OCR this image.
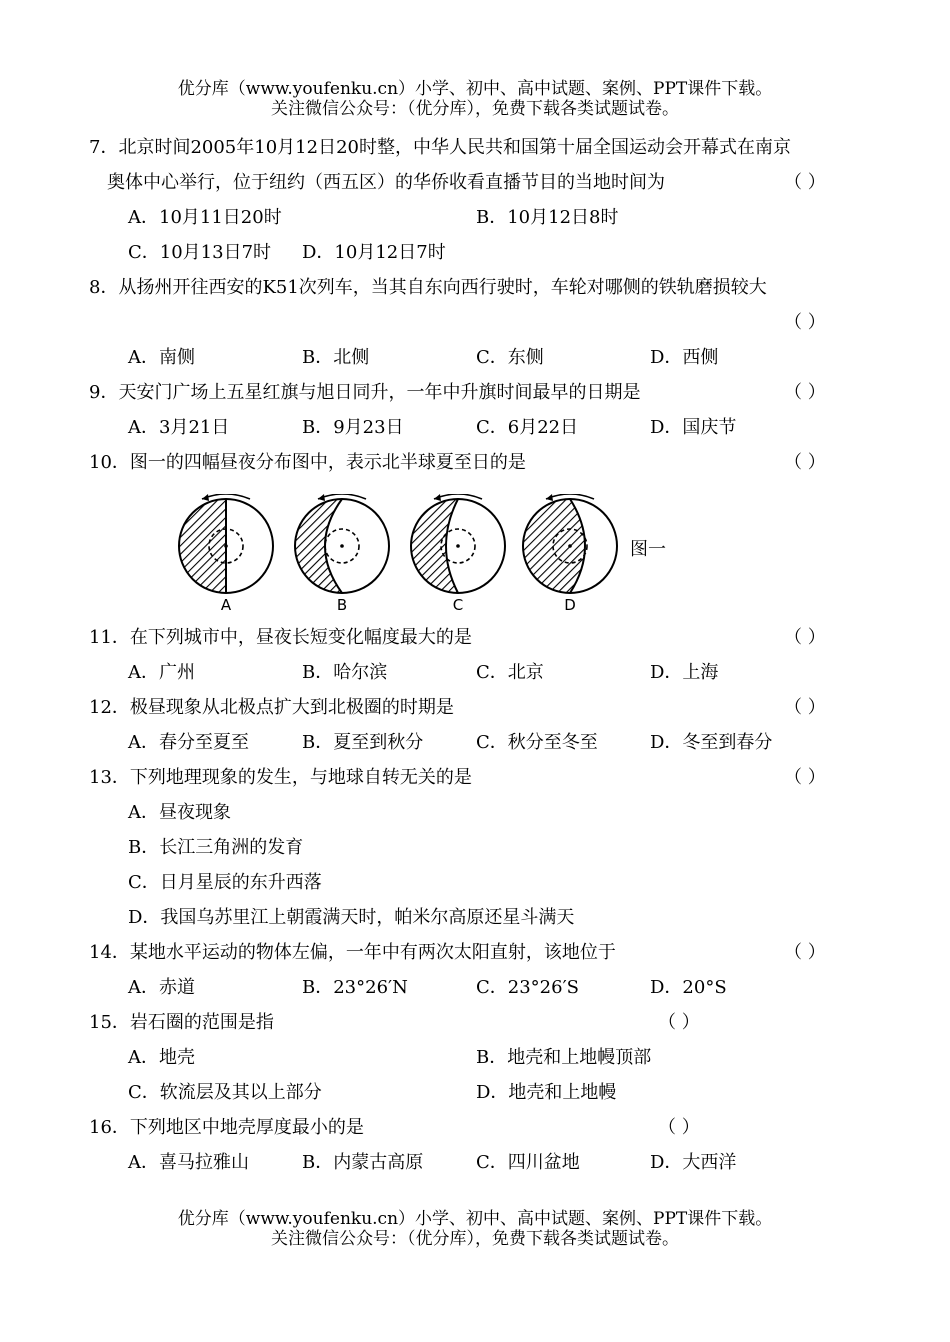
优分库（www.youfenku.cn）小学、初中、高中试题、案例、PPT课件下载。
关注微信公众号：（优分库），免费下载各类试题试卷。
7．北京时间2005年10月12日20时整，中华人民共和国第十届全国运动会开幕式在南京
奥体中心举行，位于纽约（西五区）的华侨收看直播节目的当地时间为	（ ）
A．10月11日20时	B．10月12日8时
C．10月13日7时 D．10月12日7时
8．从扬州开往西安的K51次列车，当其自东向西行驶时，车轮对哪侧的铁轨磨损较大
（ ）
A．南侧	B．北侧	C．东侧	D．西侧
9．天安门广场上五星红旗与旭日同升，一年中升旗时间最早的日期是	（ ）
A．3月21日	B．9月23日	C．6月22日	D．国庆节
10．图一的四幅昼夜分布图中，表示北半球夏至日的是	（ ）
A	B	C	D
图一
11．在下列城市中，昼夜长短变化幅度最大的是	（ ）
A．广州	B．哈尔滨	C．北京	D．上海
12．极昼现象从北极点扩大到北极圈的时期是	（ ）
A．春分至夏至	B．夏至到秋分	C．秋分至冬至	D．冬至到春分
13．下列地理现象的发生，与地球自转无关的是	（ ）
A．昼夜现象
B．长江三角洲的发育
C．日月星辰的东升西落
D．我国乌苏里江上朝霞满天时，帕米尔高原还星斗满天
14．某地水平运动的物体左偏，一年中有两次太阳直射，该地位于	（ ）
A．赤道	B．23°26′N	C．23°26′S	D．20°S
15．岩石圈的范围是指	（ ）
A．地壳	B．地壳和上地幔顶部
C．软流层及其以上部分	D．地壳和上地幔
16．下列地区中地壳厚度最小的是	（ ）
A．喜马拉雅山	B．内蒙古高原	C．四川盆地	D．大西洋
优分库（www.youfenku.cn）小学、初中、高中试题、案例、PPT课件下载。
关注微信公众号：（优分库），免费下载各类试题试卷。
